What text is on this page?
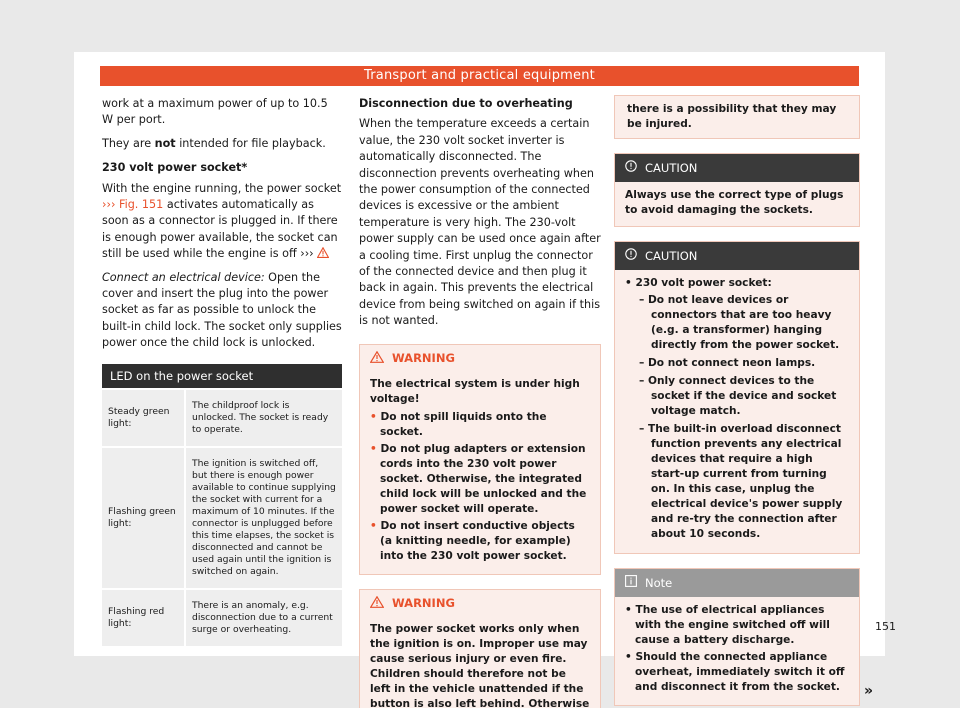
Transport and practical equipment

work at a maximum power of up to 10.5 W per port.

They are not intended for file playback.

230 volt power socket*

With the engine running, the power socket ››› Fig. 151 activates automatically as soon as a connector is plugged in. If there is enough power available, the socket can still be used while the engine is off ›››

Connect an electrical device: Open the cover and insert the plug into the power socket as far as possible to unlock the built-in child lock. The socket only supplies power once the child lock is unlocked.

LED on the power socket
Steady green light:
The childproof lock is unlocked. The socket is ready to operate.
Flashing green light:
The ignition is switched off, but there is enough power available to continue supplying the socket with current for a maximum of 10 minutes. If the connector is unplugged before this time elapses, the socket is disconnected and cannot be used again until the ignition is switched on again.
Flashing red light:
There is an anomaly, e.g. disconnection due to a current surge or overheating.
Disconnection due to overheating

When the temperature exceeds a certain value, the 230 volt socket inverter is automatically disconnected. The disconnection prevents overheating when the power consumption of the connected devices is excessive or the ambient temperature is very high. The 230-volt power supply can be used once again after a cooling time. First unplug the connector of the connected device and then plug it back in again. This prevents the electrical device from being switched on again if this is not wanted.

WARNING

The electrical system is under high voltage!

• Do not spill liquids onto the socket.
• Do not plug adapters or extension cords into the 230 volt power socket. Otherwise, the integrated child lock will be unlocked and the power socket will operate.
• Do not insert conductive objects (a knitting needle, for example) into the 230 volt power socket.
WARNING

The power socket works only when the ignition is on. Improper use may cause serious injury or even fire. Children should therefore not be left in the vehicle unattended if the button is also left behind. Otherwise

there is a possibility that they may be injured.
CAUTION
Always use the correct type of plugs to avoid damaging the sockets.
CAUTION
• 230 volt power socket:
– Do not leave devices or connectors that are too heavy (e.g. a transformer) hanging directly from the power socket.
– Do not connect neon lamps.
– Only connect devices to the socket if the device and socket voltage match.
– The built-in overload disconnect function prevents any electrical devices that require a high start-up current from turning on. In this case, unplug the electrical device's power supply and re-try the connection after about 10 seconds.
Note
• The use of electrical appliances with the engine switched off will cause a battery discharge.
• Should the connected appliance overheat, immediately switch it off and disconnect it from the socket.	»
151
